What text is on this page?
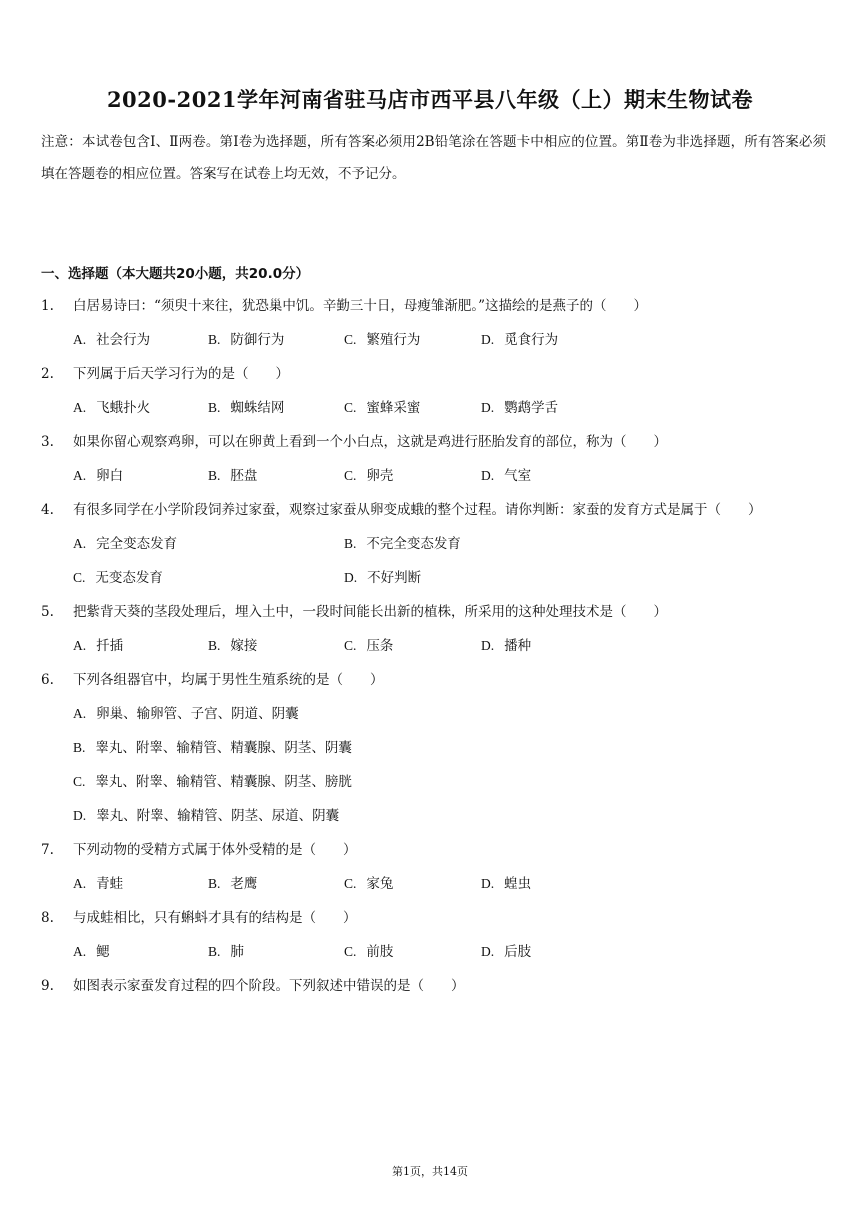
2020-2021学年河南省驻马店市西平县八年级（上）期末生物试卷
注意：本试卷包含Ⅰ、Ⅱ两卷。第Ⅰ卷为选择题，所有答案必须用2B铅笔涂在答题卡中相应的位置。第Ⅱ卷为非选择题，所有答案必须填在答题卷的相应位置。答案写在试卷上均无效，不予记分。
一、选择题（本大题共20小题，共20.0分）
1.	白居易诗曰：“须臾十来往，犹恐巢中饥。辛勤三十日，母瘦雏渐肥。”这描绘的是燕子的（　　）
A. 社会行为	B. 防御行为	C. 繁殖行为	D. 觅食行为
2.	下列属于后天学习行为的是（　　）
A. 飞蛾扑火	B. 蜘蛛结网	C. 蜜蜂采蜜	D. 鹦鹉学舌
3.	如果你留心观察鸡卵，可以在卵黄上看到一个小白点，这就是鸡进行胚胎发育的部位，称为（　　）
A. 卵白	B. 胚盘	C. 卵壳	D. 气室
4.	有很多同学在小学阶段饲养过家蚕，观察过家蚕从卵变成蛾的整个过程。请你判断：家蚕的发育方式是属于（　　）
A. 完全变态发育	B. 不完全变态发育
C. 无变态发育	D. 不好判断
5.	把紫背天葵的茎段处理后，埋入土中，一段时间能长出新的植株，所采用的这种处理技术是（　　）
A. 扦插	B. 嫁接	C. 压条	D. 播种
6.	下列各组器官中，均属于男性生殖系统的是（　　）
A. 卵巢、输卵管、子宫、阴道、阴囊
B. 睾丸、附睾、输精管、精囊腺、阴茎、阴囊
C. 睾丸、附睾、输精管、精囊腺、阴茎、膀胱
D. 睾丸、附睾、输精管、阴茎、尿道、阴囊
7.	下列动物的受精方式属于体外受精的是（　　）
A. 青蛙	B. 老鹰	C. 家兔	D. 蝗虫
8.	与成蛙相比，只有蝌蚪才具有的结构是（　　）
A. 鳃	B. 肺	C. 前肢	D. 后肢
9.	如图表示家蚕发育过程的四个阶段。下列叙述中错误的是（　　）
第1页，共14页
